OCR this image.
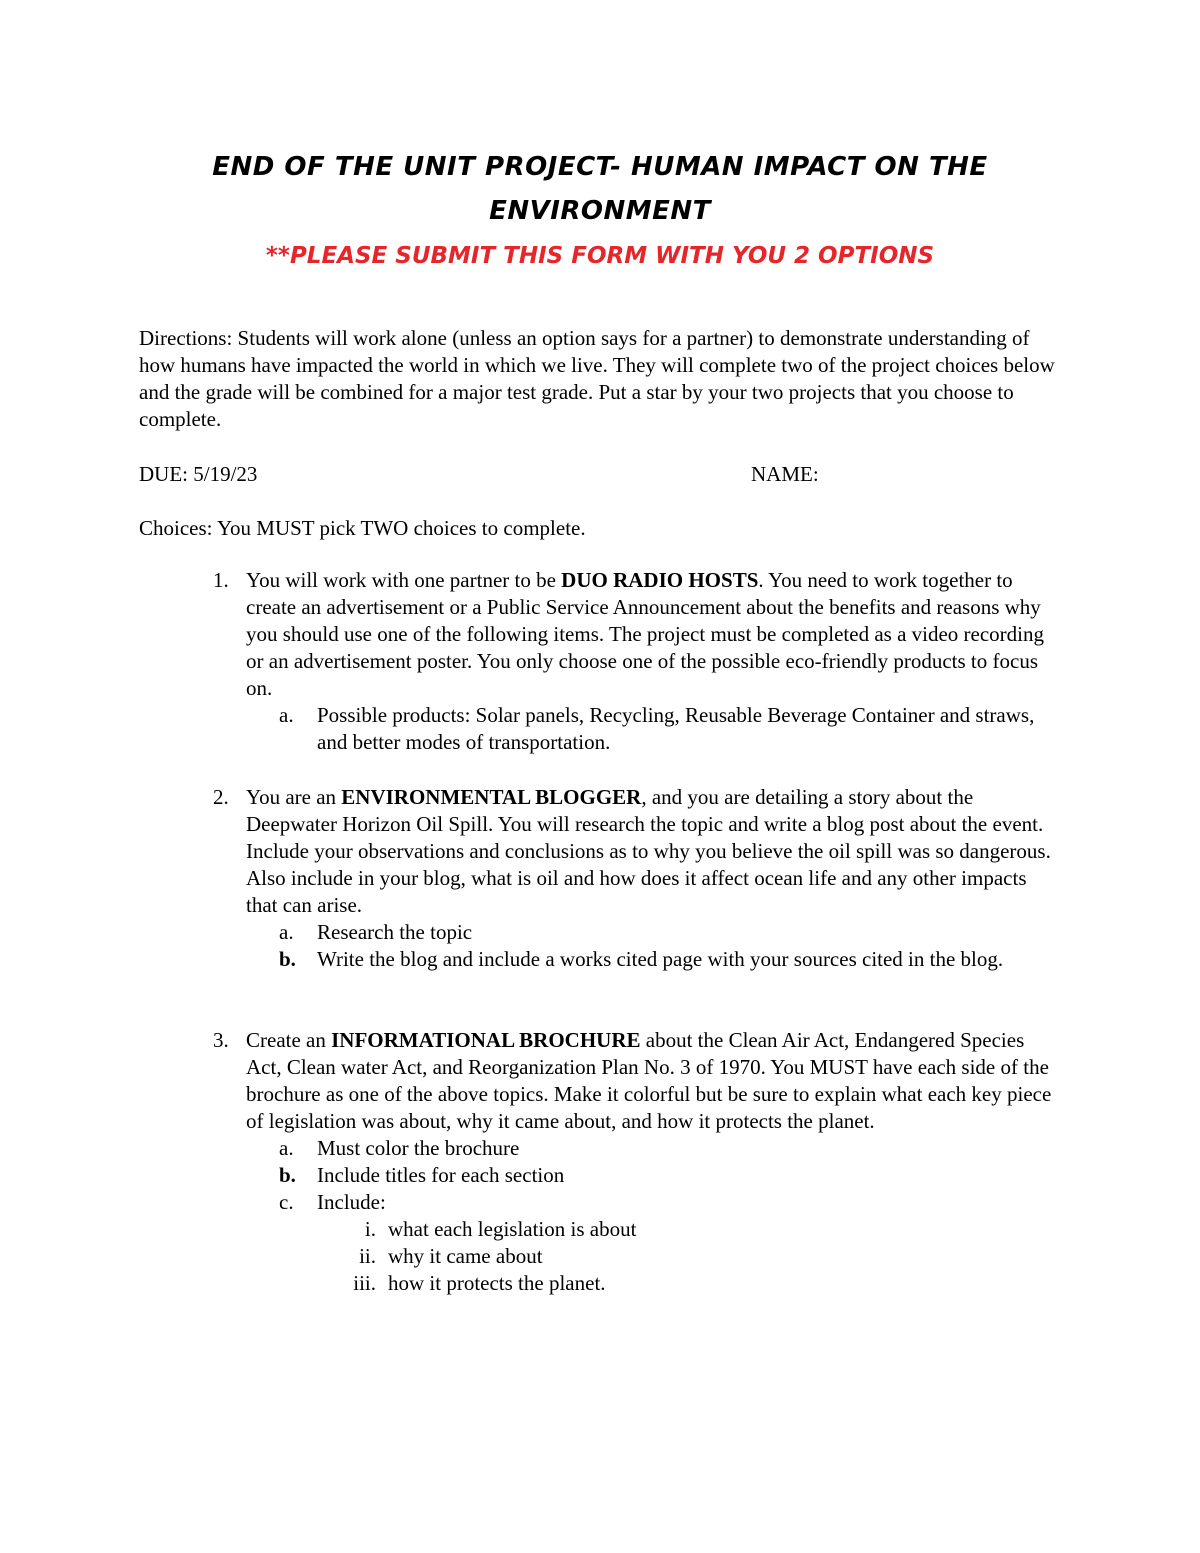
END OF THE UNIT PROJECT- HUMAN IMPACT ON THE
ENVIRONMENT
**PLEASE SUBMIT THIS FORM WITH YOU 2 OPTIONS
Directions: Students will work alone (unless an option says for a partner) to demonstrate understanding of how humans have impacted the world in which we live. They will complete two of the project choices below and the grade will be combined for a major test grade. Put a star by your two projects that you choose to complete.
DUE: 5/19/23	NAME:
Choices: You MUST pick TWO choices to complete.
1. You will work with one partner to be DUO RADIO HOSTS. You need to work together to create an advertisement or a Public Service Announcement about the benefits and reasons why you should use one of the following items. The project must be completed as a video recording or an advertisement poster. You only choose one of the possible eco-friendly products to focus on.
a. Possible products: Solar panels, Recycling, Reusable Beverage Container and straws, and better modes of transportation.
2. You are an ENVIRONMENTAL BLOGGER, and you are detailing a story about the Deepwater Horizon Oil Spill. You will research the topic and write a blog post about the event. Include your observations and conclusions as to why you believe the oil spill was so dangerous. Also include in your blog, what is oil and how does it affect ocean life and any other impacts that can arise.
a. Research the topic
b. Write the blog and include a works cited page with your sources cited in the blog.
3. Create an INFORMATIONAL BROCHURE about the Clean Air Act, Endangered Species Act, Clean water Act, and Reorganization Plan No. 3 of 1970. You MUST have each side of the brochure as one of the above topics. Make it colorful but be sure to explain what each key piece of legislation was about, why it came about, and how it protects the planet.
a. Must color the brochure
b. Include titles for each section
c. Include:
i. what each legislation is about
ii. why it came about
iii. how it protects the planet.
